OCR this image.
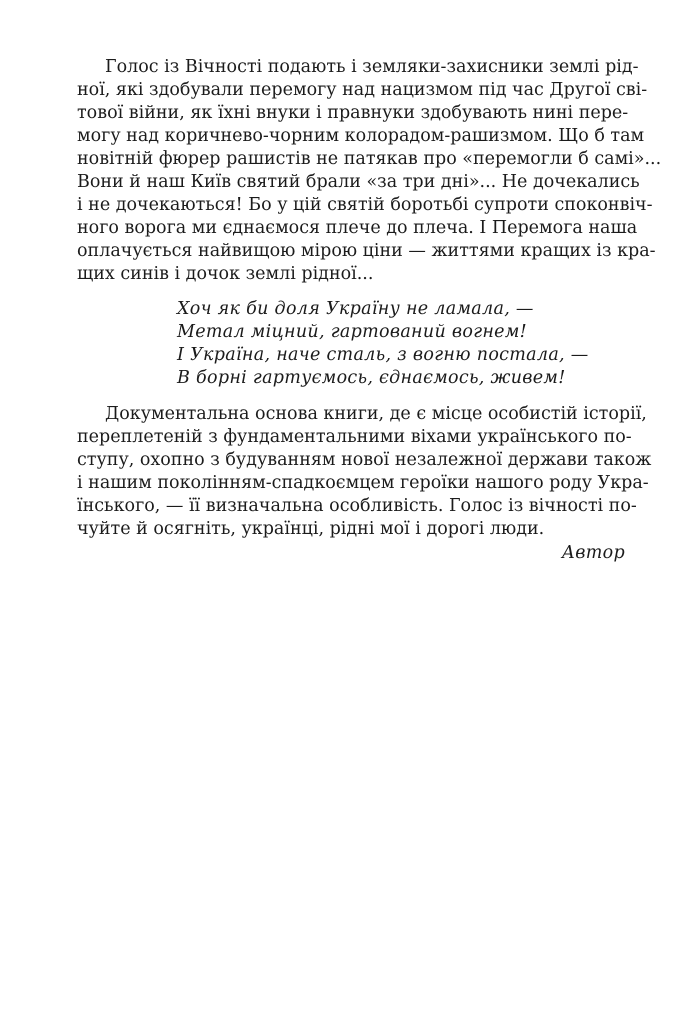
Голос із Вічності подають і земляки-захисники землі рід-
ної, які здобували перемогу над нацизмом під час Другої сві-
тової війни, як їхні внуки і правнуки здобувають нині пере-
могу над коричнево-чорним колорадом-рашизмом. Що б там
новітній фюрер рашистів не патякав про «перемогли б самі»...
Вони й наш Київ святий брали «за три дні»... Не дочекались
і не дочекаються! Бо у цій святій боротьбі супроти споконвіч-
ного ворога ми єднаємося плече до плеча. І Перемога наша
оплачується найвищою мірою ціни — життями кращих із кра-
щих синів і дочок землі рідної...
Хоч як би доля Україну не ламала, —
Метал міцний, гартований вогнем!
І Україна, наче сталь, з вогню постала, —
В борні гартуємось, єднаємось, живем!
Документальна основа книги, де є місце особистій історії,
переплетеній з фундаментальними віхами українського по-
ступу, охопно з будуванням нової незалежної держави також
і нашим поколінням-спадкоємцем героїки нашого роду Укра-
їнського, — її визначальна особливість. Голос із вічності по-
чуйте й осягніть, українці, рідні мої і дорогі люди.
Автор
